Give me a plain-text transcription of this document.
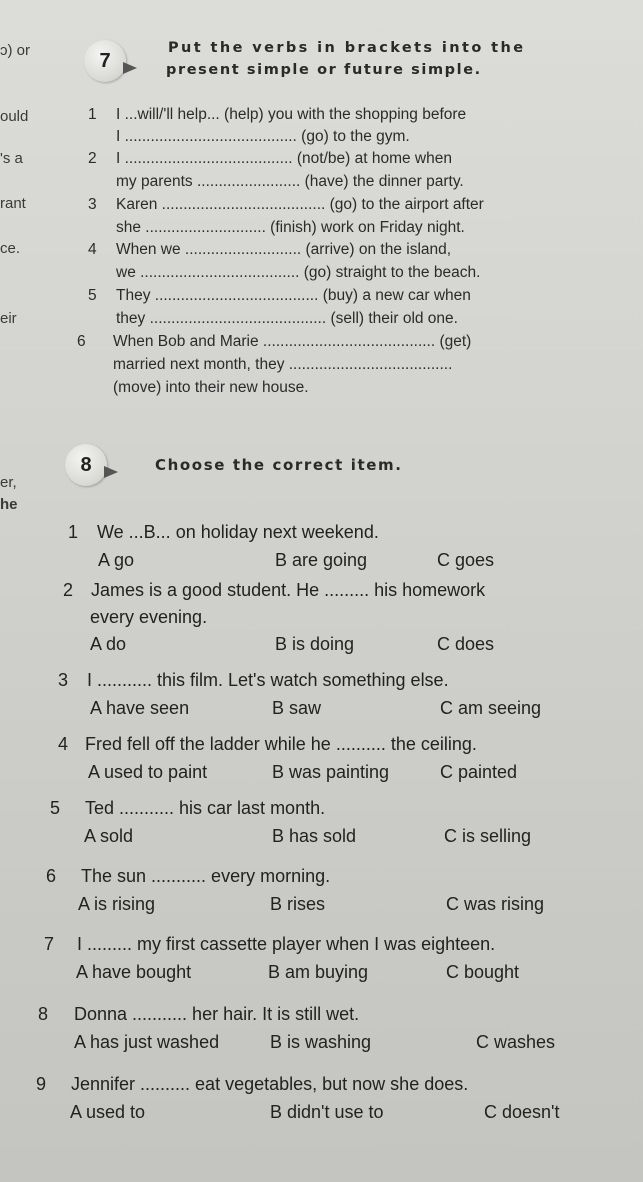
ɔ) or
ould
's a
rant
ce.
eir
er,
he
7
Put the verbs in brackets into the
present simple or future simple.
1 I ...will/'ll help... (help) you with the shopping before
I ........................................ (go) to the gym.
2 I ....................................... (not/be) at home when
my parents ........................ (have) the dinner party.
3 Karen ...................................... (go) to the airport after
she ............................ (finish) work on Friday night.
4 When we ........................... (arrive) on the island,
we ..................................... (go) straight to the beach.
5 They ...................................... (buy) a new car when
they ......................................... (sell) their old one.
6 When Bob and Marie ........................................ (get)
married next month, they ......................................
(move) into their new house.
8	Choose the correct item.
1 We ...B... on holiday next weekend.
A go	B are going	C goes
2 James is a good student. He ......... his homework
every evening.
A do	B is doing	C does
3 I ........... this film. Let's watch something else.
A have seen	B saw	C am seeing
4 Fred fell off the ladder while he .......... the ceiling.
A used to paint	B was painting	C painted
5 Ted ........... his car last month.
A sold	B has sold	C is selling
6 The sun ........... every morning.
A is rising	B rises	C was rising
7 I ......... my first cassette player when I was eighteen.
A have bought	B am buying	C bought
8 Donna ........... her hair. It is still wet.
A has just washed	B is washing	C washes
9 Jennifer .......... eat vegetables, but now she does.
A used to	B didn't use to	C doesn't
